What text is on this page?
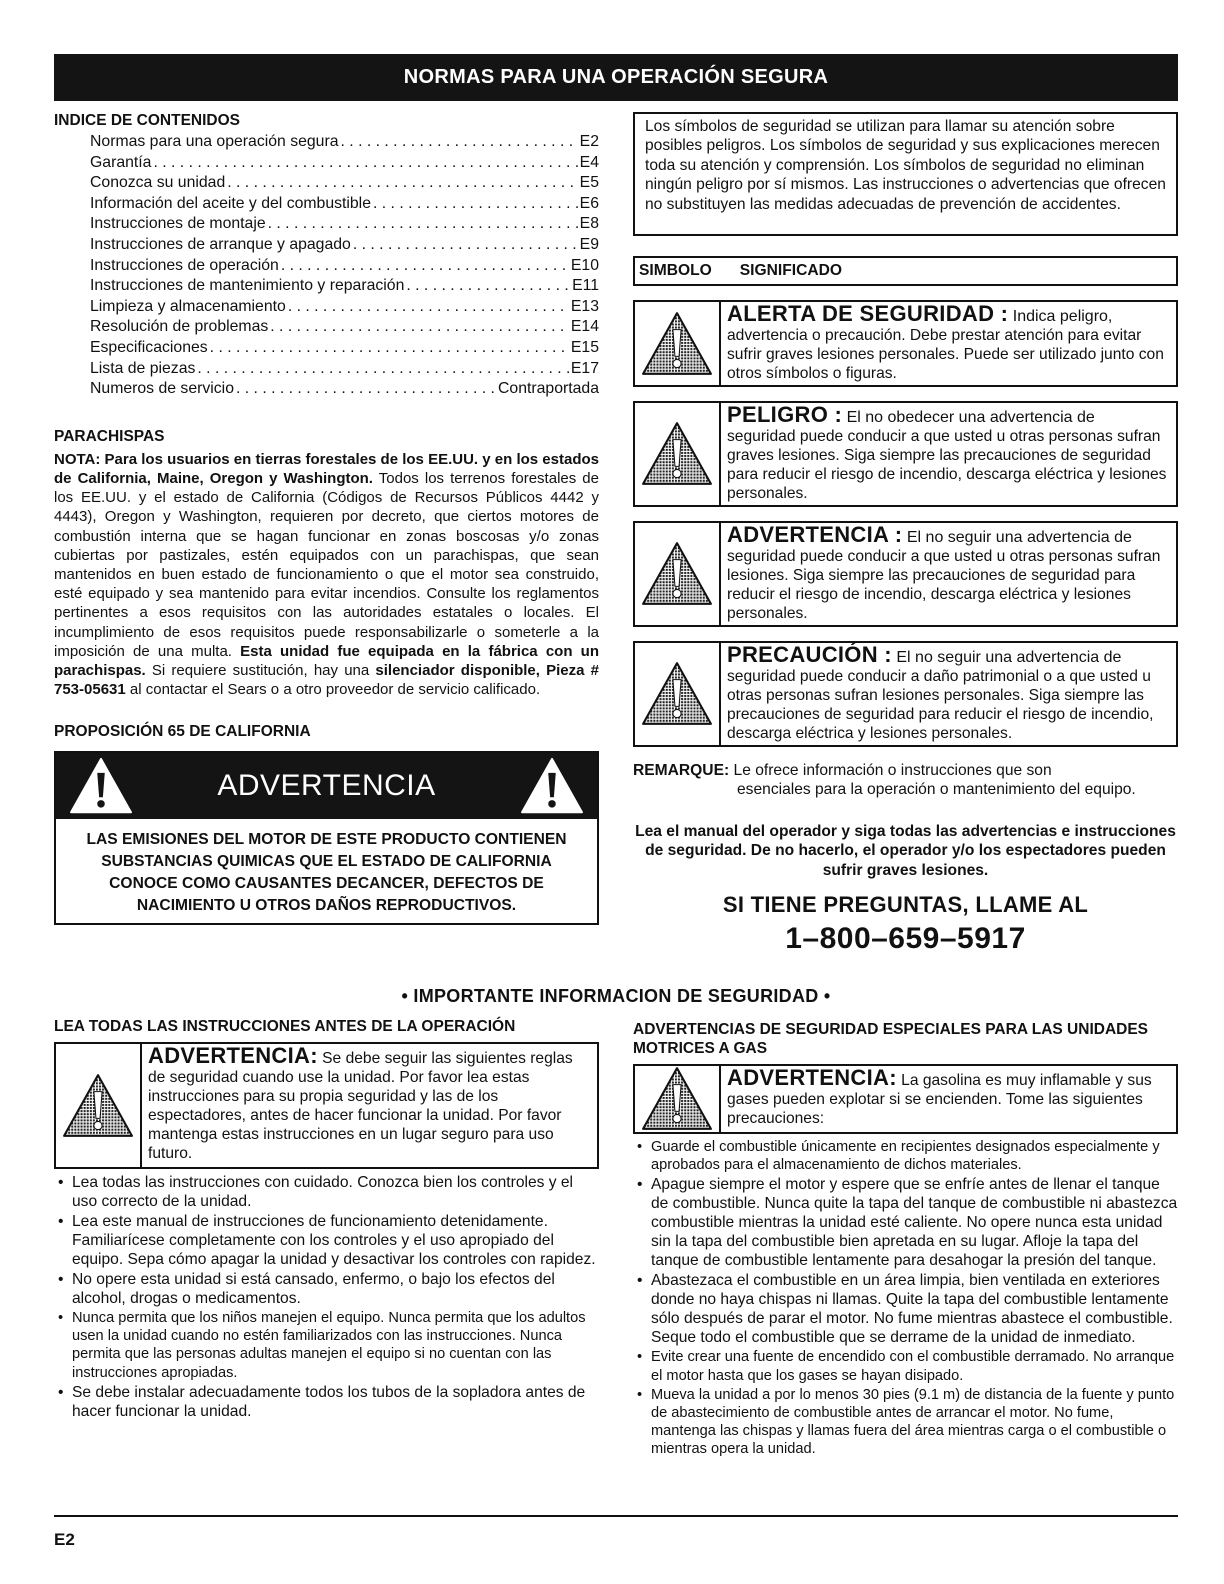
NORMAS PARA UNA OPERACIÓN SEGURA
INDICE DE CONTENIDOS
Normas para una operación segura . . .	E2
Garantía . . .	E4
Conozca su unidad . . .	E5
Información del aceite y del combustible . . .	E6
Instrucciones de montaje . . .	E8
Instrucciones de arranque y apagado . . .	E9
Instrucciones de operación . . .	E10
Instrucciones de mantenimiento y reparación . . .	E11
Limpieza y almacenamiento . . .	E13
Resolución de problemas . . .	E14
Especificaciones . . .	E15
Lista de piezas . . .	E17
Numeros de servicio . . .	Contraportada
PARACHISPAS

NOTA: Para los usuarios en tierras forestales de los EE.UU. y en los estados de California, Maine, Oregon y Washington. Todos los terrenos forestales de los EE.UU. y el estado de California (Códigos de Recursos Públicos 4442 y 4443), Oregon y Washington, requieren por decreto, que ciertos motores de combustión interna que se hagan funcionar en zonas boscosas y/o zonas cubiertas por pastizales, estén equipados con un parachispas, que sean mantenidos en buen estado de funcionamiento o que el motor sea construido, esté equipado y sea mantenido para evitar incendios. Consulte los reglamentos pertinentes a esos requisitos con las autoridades estatales o locales. El incumplimiento de esos requisitos puede responsabilizarle o someterle a la imposición de una multa. Esta unidad fue equipada en la fábrica con un parachispas. Si requiere sustitución, hay una silenciador disponible, Pieza # 753-05631 al contactar el Sears o a otro proveedor de servicio calificado.

PROPOSICIÓN 65 DE CALIFORNIA
ADVERTENCIA
LAS EMISIONES DEL MOTOR DE ESTE PRODUCTO CONTIENEN SUBSTANCIAS QUIMICAS QUE EL ESTADO DE CALIFORNIA CONOCE COMO CAUSANTES DECANCER, DEFECTOS DE NACIMIENTO U OTROS DAÑOS REPRODUCTIVOS.
Los símbolos de seguridad se utilizan para llamar su atención sobre posibles peligros. Los símbolos de seguridad y sus explicaciones merecen toda su atención y comprensión. Los símbolos de seguridad no eliminan ningún peligro por sí mismos. Las instrucciones o advertencias que ofrecen no substituyen las medidas adecuadas de prevención de accidentes.
SIMBOLO SIGNIFICADO
ALERTA DE SEGURIDAD : Indica peligro,
advertencia o precaución. Debe prestar atención para evitar sufrir graves lesiones personales. Puede ser utilizado junto con otros símbolos o figuras.
PELIGRO : El no obedecer una advertencia de
seguridad puede conducir a que usted u otras personas sufran graves lesiones. Siga siempre las precauciones de seguridad para reducir el riesgo de incendio, descarga eléctrica y lesiones personales.
ADVERTENCIA : El no seguir una advertencia de
seguridad puede conducir a que usted u otras personas sufran lesiones. Siga siempre las precauciones de seguridad para reducir el riesgo de incendio, descarga eléctrica y lesiones personales.
PRECAUCIÓN : El no seguir una advertencia de
seguridad puede conducir a daño patrimonial o a que usted u otras personas sufran lesiones personales. Siga siempre las precauciones de seguridad para reducir el riesgo de incendio, descarga eléctrica y lesiones personales.
REMARQUE: Le ofrece información o instrucciones que son
esenciales para la operación o mantenimiento del equipo.
Lea el manual del operador y siga todas las advertencias e instrucciones de seguridad. De no hacerlo, el operador y/o los espectadores pueden sufrir graves lesiones.
SI TIENE PREGUNTAS, LLAME AL
1–800–659–5917
• IMPORTANTE INFORMACION DE SEGURIDAD •
LEA TODAS LAS INSTRUCCIONES ANTES DE LA OPERACIÓN
ADVERTENCIA: Se debe seguir las siguientes reglas de seguridad cuando use la unidad. Por favor lea estas instrucciones para su propia seguridad y las de los espectadores, antes de hacer funcionar la unidad. Por favor mantenga estas instrucciones en un lugar seguro para uso futuro.
• Lea todas las instrucciones con cuidado. Conozca bien los controles y el uso correcto de la unidad.
• Lea este manual de instrucciones de funcionamiento detenidamente. Familiarícese completamente con los controles y el uso apropiado del equipo. Sepa cómo apagar la unidad y desactivar los controles con rapidez.
• No opere esta unidad si está cansado, enfermo, o bajo los efectos del alcohol, drogas o medicamentos.
• Nunca permita que los niños manejen el equipo. Nunca permita que los adultos usen la unidad cuando no estén familiarizados con las instrucciones. Nunca permita que las personas adultas manejen el equipo si no cuentan con las instrucciones apropiadas.
• Se debe instalar adecuadamente todos los tubos de la sopladora antes de hacer funcionar la unidad.
ADVERTENCIAS DE SEGURIDAD ESPECIALES PARA LAS UNIDADES MOTRICES A GAS
ADVERTENCIA: La gasolina es muy inflamable y sus gases pueden explotar si se encienden. Tome las siguientes precauciones:
• Guarde el combustible únicamente en recipientes designados especialmente y aprobados para el almacenamiento de dichos materiales.
• Apague siempre el motor y espere que se enfríe antes de llenar el tanque de combustible. Nunca quite la tapa del tanque de combustible ni abastezca combustible mientras la unidad esté caliente. No opere nunca esta unidad sin la tapa del combustible bien apretada en su lugar. Afloje la tapa del tanque de combustible lentamente para desahogar la presión del tanque.
• Abastezaca el combustible en un área limpia, bien ventilada en exteriores donde no haya chispas ni llamas. Quite la tapa del combustible lentamente sólo después de parar el motor. No fume mientras abastece el combustible. Seque todo el combustible que se derrame de la unidad de inmediato.
• Evite crear una fuente de encendido con el combustible derramado. No arranque el motor hasta que los gases se hayan disipado.
• Mueva la unidad a por lo menos 30 pies (9.1 m) de distancia de la fuente y punto de abastecimiento de combustible antes de arrancar el motor. No fume, mantenga las chispas y llamas fuera del área mientras carga o el combustible o mientras opera la unidad.
E2
